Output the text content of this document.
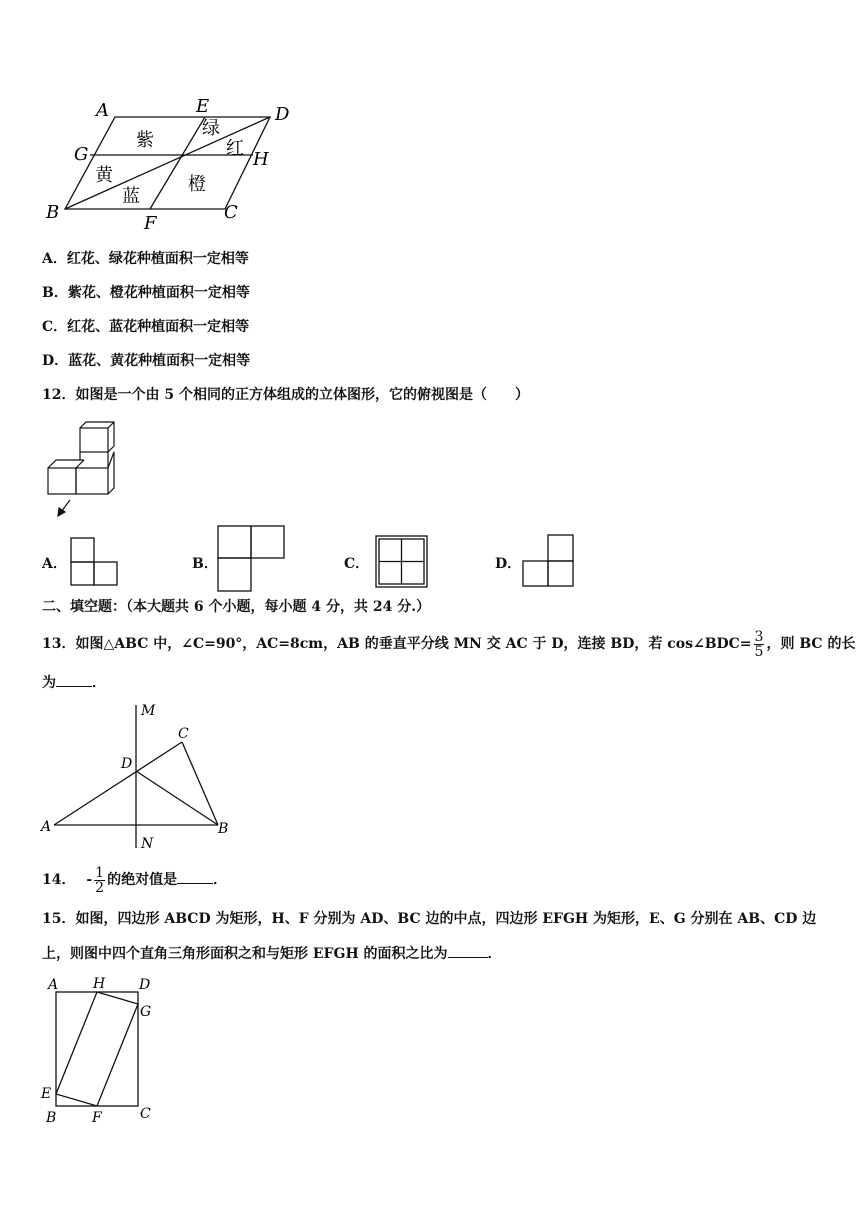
A	E	D
G	H
B
F
C
紫
绿
红
黄
蓝
橙
A．红花、绿花种植面积一定相等
B．紫花、橙花种植面积一定相等
C．红花、蓝花种植面积一定相等
D．蓝花、黄花种植面积一定相等
12．如图是一个由 5 个相同的正方体组成的立体图形，它的俯视图是（　　）
A．	B．	C．	D．
二、填空题：（本大题共 6 个小题，每小题 4 分，共 24 分.）
13．如图△ABC 中，∠C=90°，AC=8cm，AB 的垂直平分线 MN 交 AC 于 D，连接 BD，若 cos∠BDC= $\frac{3}{5}$ ，则 BC 的长
为	．
M
C
D
A	B
N
14． - $\frac{1}{2}$ 的绝对值是	．
15．如图，四边形 ABCD 为矩形，H、F 分别为 AD、BC 边的中点，四边形 EFGH 为矩形，E、G 分别在 AB、CD 边
上，则图中四个直角三角形面积之和与矩形 EFGH 的面积之比为	．
A H D
G
E
B	F	C
